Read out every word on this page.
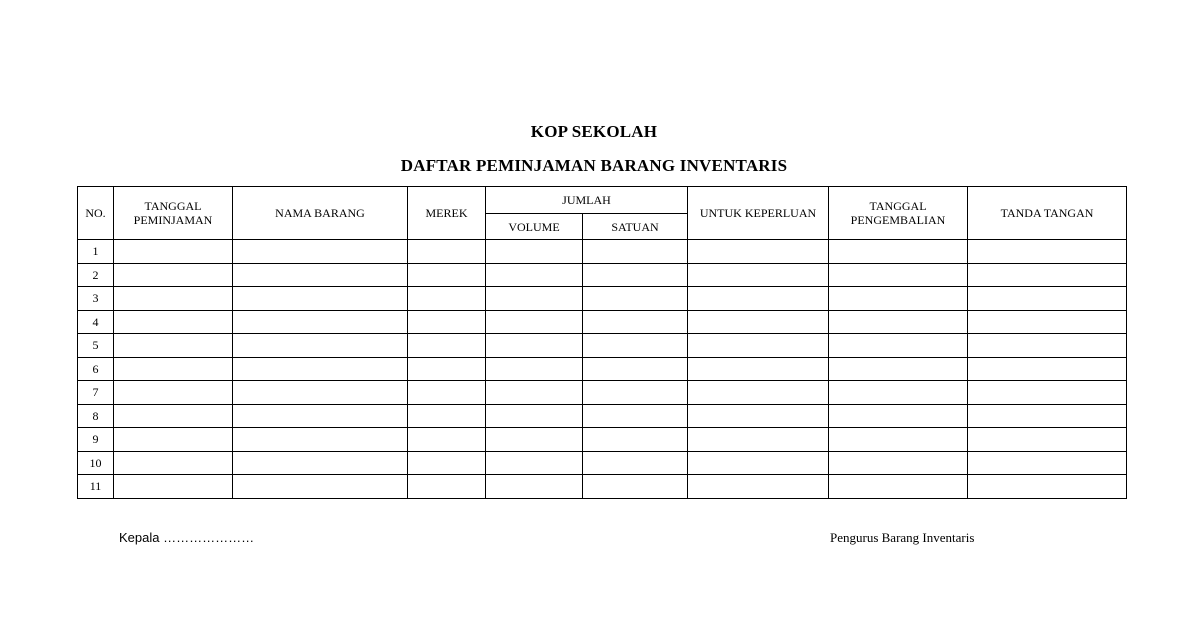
KOP SEKOLAH
DAFTAR PEMINJAMAN BARANG INVENTARIS
NO.	TANGGAL PEMINJAMAN	NAMA BARANG	MEREK	JUMLAH		UNTUK KEPERLUAN	TANGGAL PENGEMBALIAN	TANDA TANGAN
				VOLUME	SATUAN			
1								
2								
3								
4								
5								
6								
7								
8								
9								
10								
11								
Kepala …………………	Pengurus Barang Inventaris
